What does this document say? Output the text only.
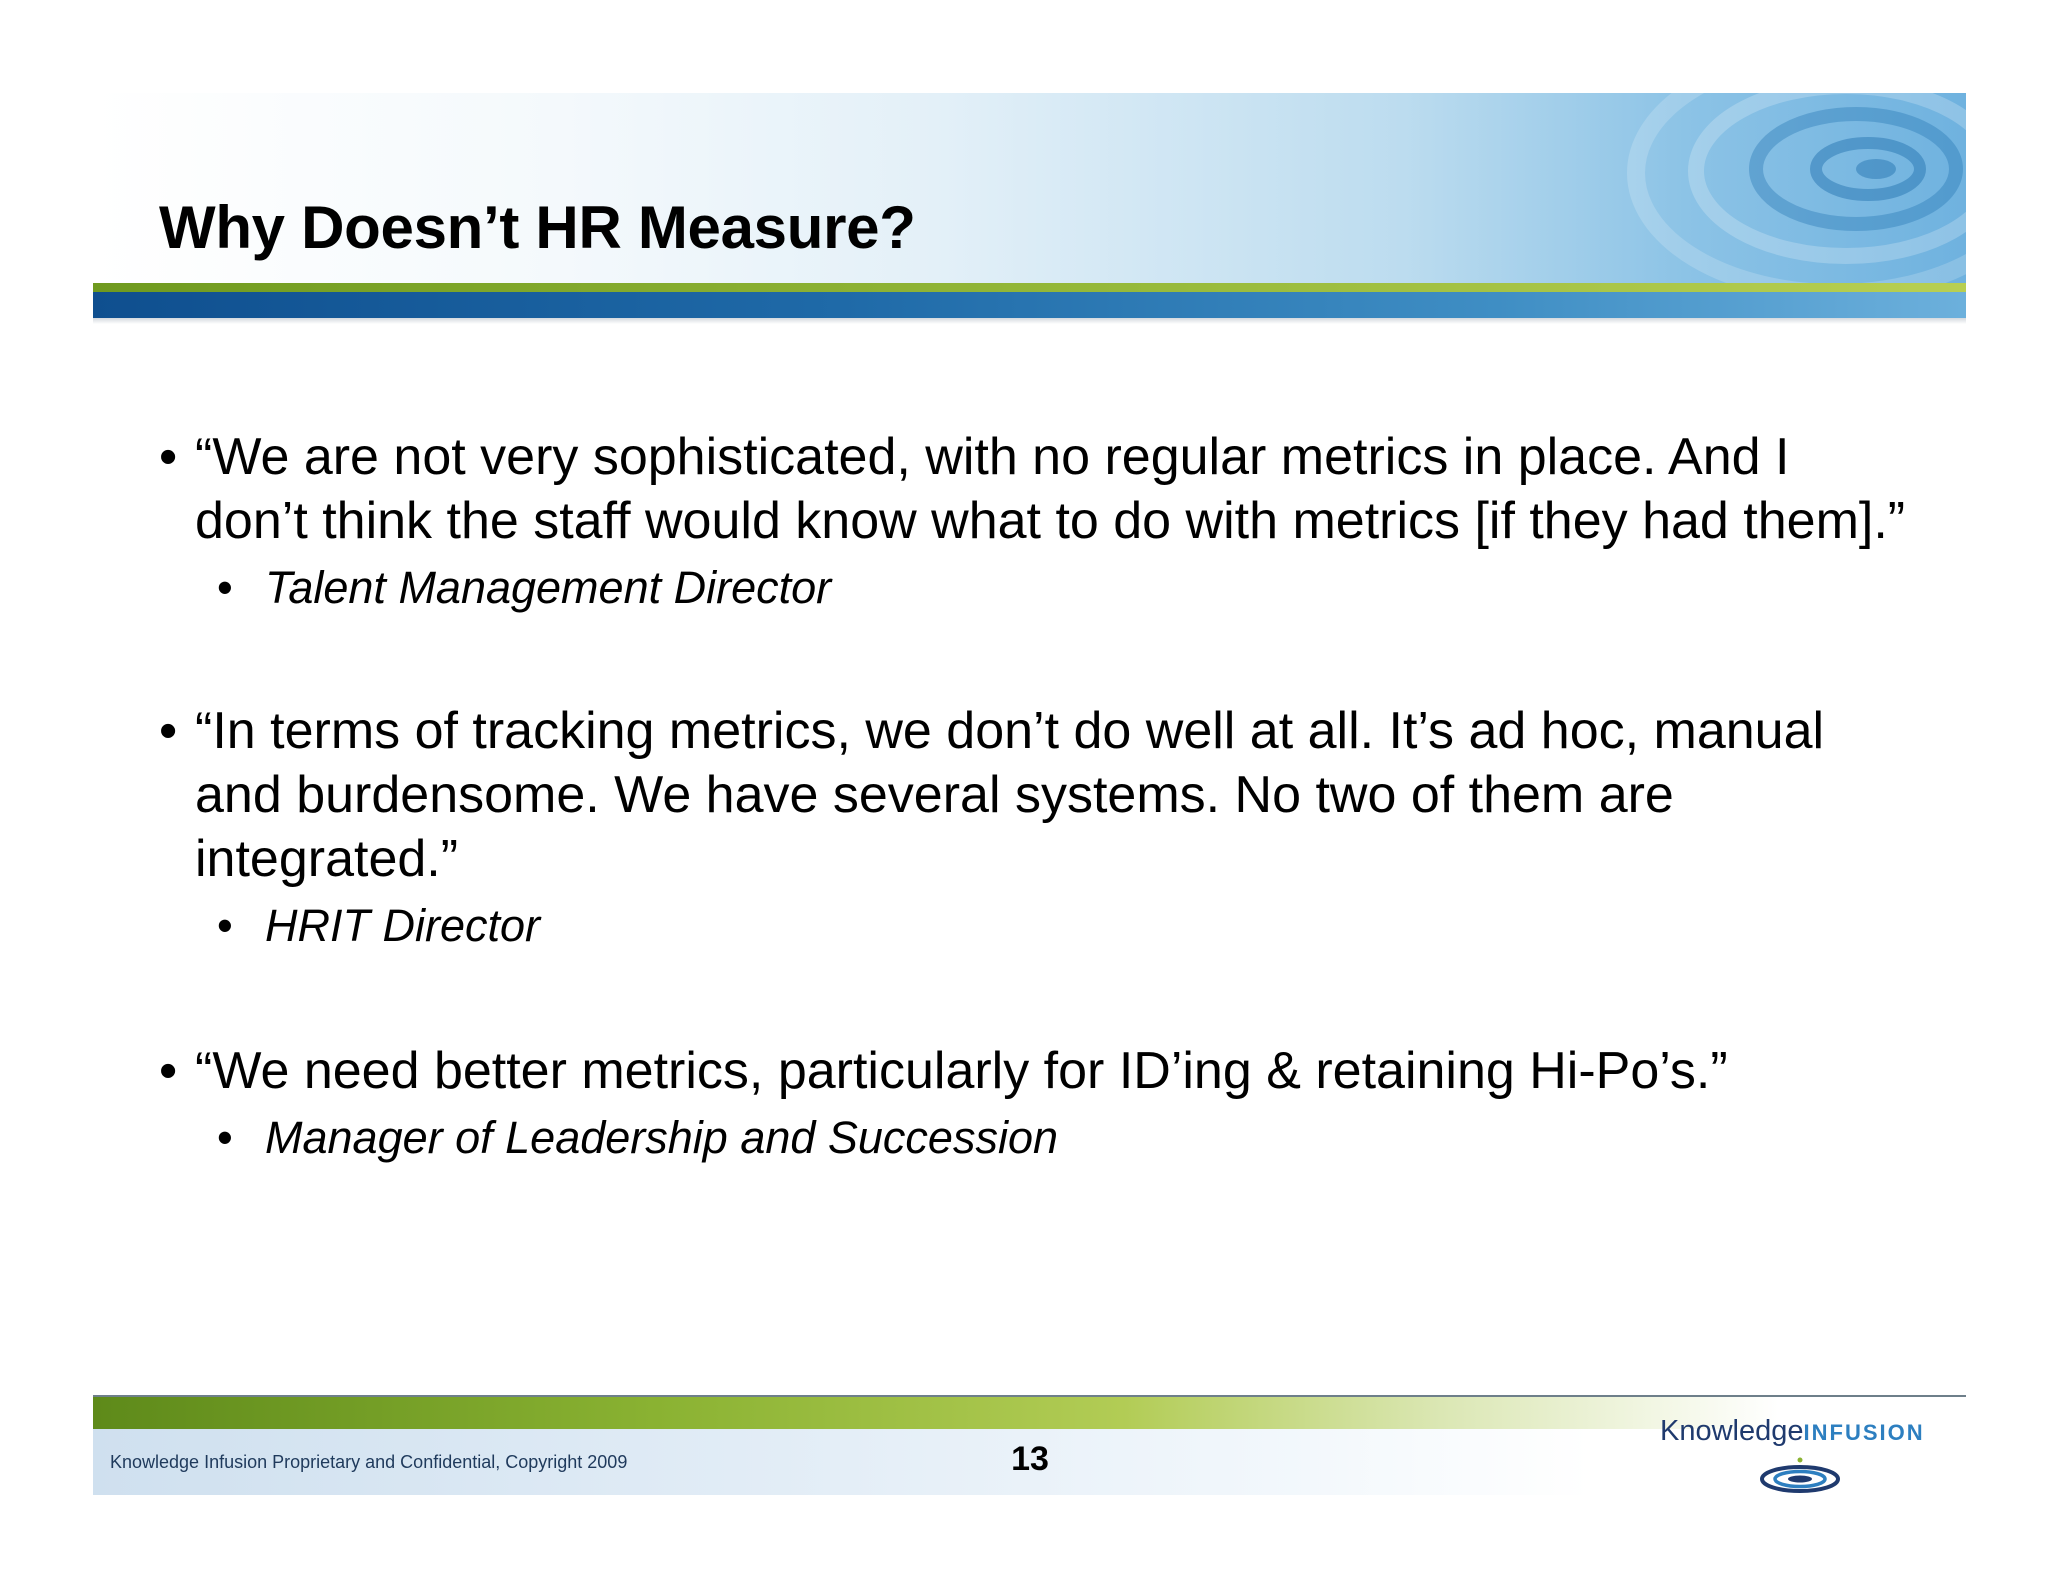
Why Doesn’t HR Measure?
• “We are not very sophisticated, with no regular metrics in place. And I don’t think the staff would know what to do with metrics [if they had them].”
• Talent Management Director
• “In terms of tracking metrics, we don’t do well at all. It’s ad hoc, manual and burdensome. We have several systems. No two of them are integrated.”
• HRIT Director
• “We need better metrics, particularly for ID’ing & retaining Hi-Po’s.”
• Manager of Leadership and Succession
Knowledge Infusion Proprietary and Confidential, Copyright 2009	13
KnowledgeINFUSION
